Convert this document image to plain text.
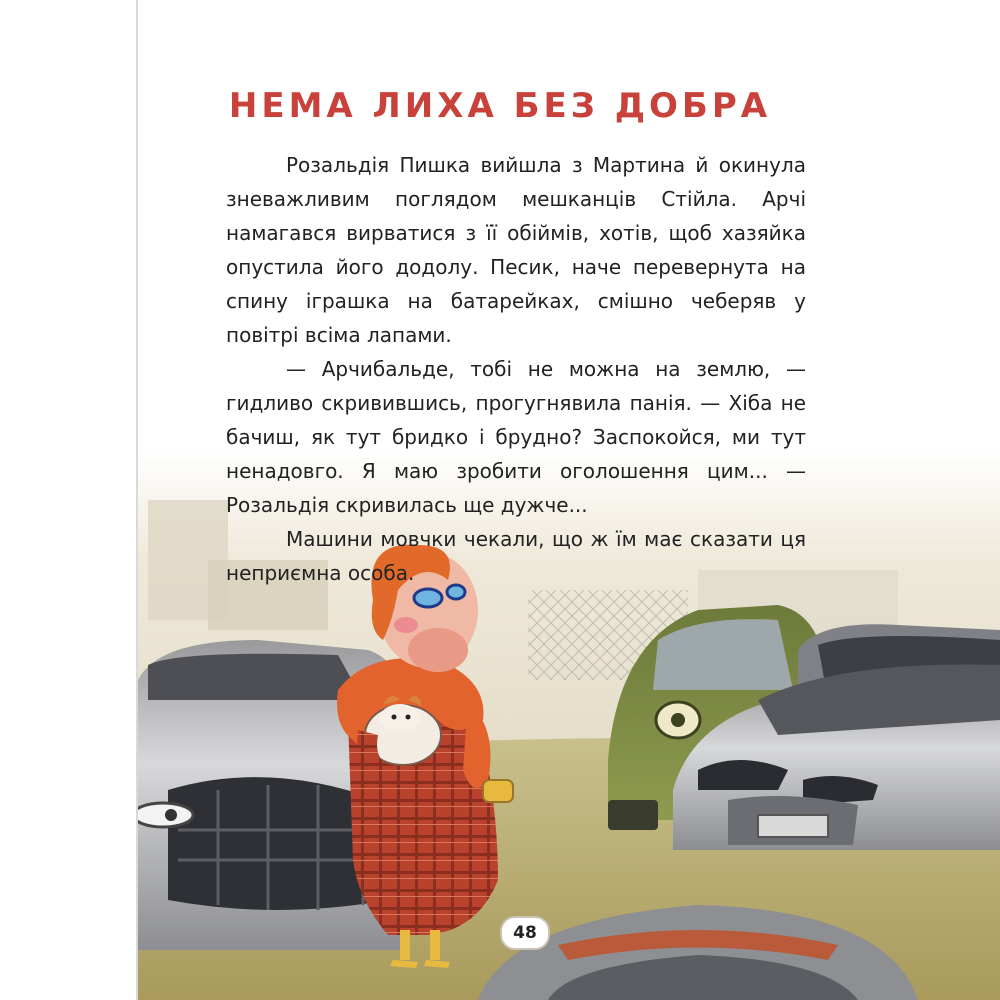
НЕМА ЛИХА БЕЗ ДОБРА

Розальдія Пишка вийшла з Мартина й окинула зневажливим поглядом мешканців Стійла. Арчі намагався вирватися з її обіймів, хотів, щоб хазяйка опустила його додолу. Песик, наче перевернута на спину іграшка на батарейках, смішно чеберяв у повітрі всіма лапами.

— Арчибальде, тобі не можна на землю, — гидливо скривившись, прогугнявила панія. — Хіба не бачиш, як тут бридко і брудно? Заспокойся, ми тут ненадовго. Я маю зробити оголошення цим... — Розальдія скривилась ще дужче...

Машини мовчки чекали, що ж їм має сказати ця неприємна особа.

48
